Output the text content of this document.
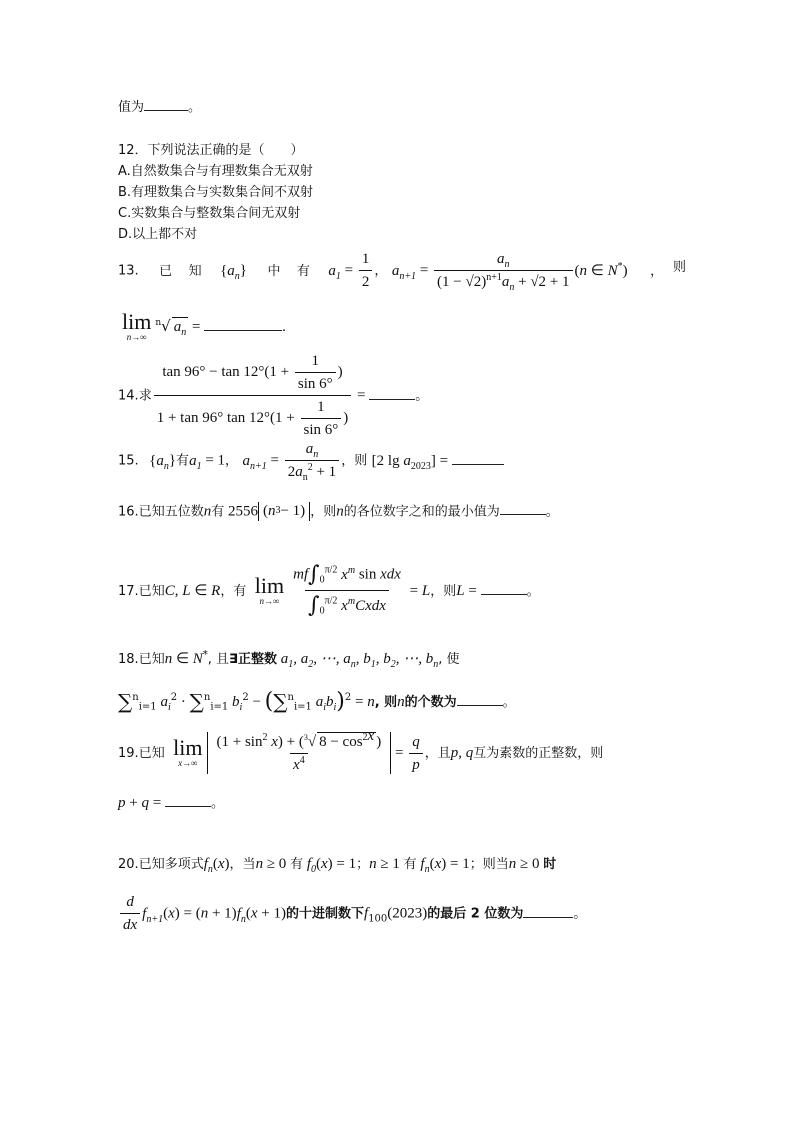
值为	。
12．下列说法正确的是（　　）
A.自然数集合与有理数集合无双射
B.有理数集合与实数集合间不双射
C.实数集合与整数集合间无双射
D.以上都不对
13. 已 知 $\{a_n\}$ 中 有 $a_1 = \frac{1}{2}$ ， $a_{n+1} = \frac{a_n}{(1 - √2)^{n+1}a_n + √2 + 1} (n$ ∈ N*) ， 则
lim
n→∞
$^n$√ $a_n$ =	.
14.求 $\frac{\tan 96^\circ - \tan 12^\circ(1 + \frac{1}{\sin 6^\circ} )}{1 + \tan 96^\circ \tan 12^\circ(1 + \frac{1}{\sin 6^\circ} )}$ =	。
15. $\{a_n\}$有$a_1 = 1$， $a_{n+1} = \frac{a_n}{2a_n^2 + 1}$ ，则 [2 $\lg a_{2023}$] =
16.已知五位数n有 2556 ( n 3 − 1) ，则n的各位数字之和的最小值为	。
17.已知C, L ∈ R，有 lim
$n\to\infty \frac{mf\int_0^{\pi/2} x^m \sin xdx}{\int_0^{\pi/2} x^mCxdx} = L$，则L =	。
18.已知n ∈ N*, 且∃正整数 $a_1$, $a_2$, ⋯, $a_n$, $b_1$, $b_2$, ⋯, $b_n$, 使
∑$^n_{i=1}$ $a_i^2 \cdot \sum^n_{i=1}$ $b_i^2 - (\sum^n_{i=1}$ $a_ib_i)^2 = n$, 则n的个数为	。
19.已知 lim
$x\to\infty \frac{(1 + \sin^2 x) + (^3√ 8 - \cos^{2x} )}{x^4} = \frac{q}{p}$ ，且p, q互为素数的正整数，则
p + q =	。
20.已知多项式$f_n(x)$，当n ≥ 0 有 $f_0(x) = 1$；n ≥ 1 有 $f_n(x) = 1$；则当n ≥ 0 时
$\frac{d}{dx} f_{n+1}(x) = (n + 1)f_n(x + 1)$的十进制数下$f_{100}(2023)$的最后 2 位数为	。
